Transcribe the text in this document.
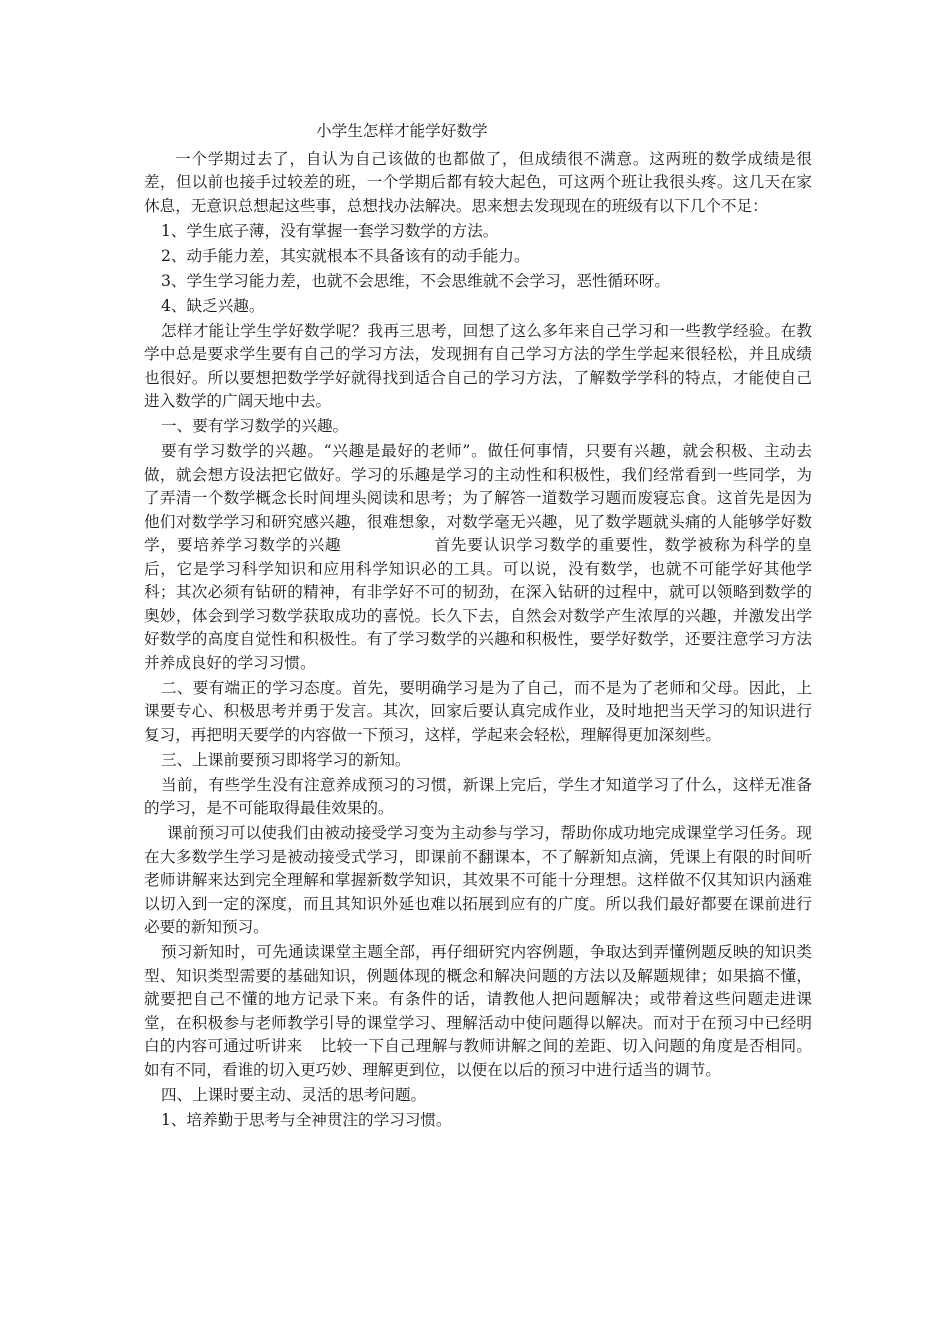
小学生怎样才能学好数学

一个学期过去了，自认为自己该做的也都做了，但成绩很不满意。这两班的数学成绩是很差，但以前也接手过较差的班，一个学期后都有较大起色，可这两个班让我很头疼。这几天在家休息，无意识总想起这些事，总想找办法解决。思来想去发现现在的班级有以下几个不足：

1、学生底子薄，没有掌握一套学习数学的方法。

2、动手能力差，其实就根本不具备该有的动手能力。

3、学生学习能力差，也就不会思维，不会思维就不会学习，恶性循环呀。

4、缺乏兴趣。

怎样才能让学生学好数学呢？我再三思考，回想了这么多年来自己学习和一些教学经验。在教学中总是要求学生要有自己的学习方法，发现拥有自己学习方法的学生学起来很轻松，并且成绩也很好。所以要想把数学学好就得找到适合自己的学习方法，了解数学学科的特点，才能使自己进入数学的广阔天地中去。

一、要有学习数学的兴趣。

要有学习数学的兴趣。“兴趣是最好的老师”。做任何事情，只要有兴趣，就会积极、主动去做，就会想方设法把它做好。学习的乐趣是学习的主动性和积极性，我们经常看到一些同学，为了弄清一个数学概念长时间埋头阅读和思考；为了解答一道数学习题而废寝忘食。这首先是因为他们对数学学习和研究感兴趣，很难想象，对数学毫无兴趣，见了数学题就头痛的人能够学好数学，要培养学习数学的兴趣	首先要认识学习数学的重要性，数学被称为科学的皇后，它是学习科学知识和应用科学知识必的工具。可以说，没有数学，也就不可能学好其他学科；其次必须有钻研的精神，有非学好不可的韧劲，在深入钻研的过程中，就可以领略到数学的奥妙，体会到学习数学获取成功的喜悦。长久下去，自然会对数学产生浓厚的兴趣，并激发出学好数学的高度自觉性和积极性。有了学习数学的兴趣和积极性，要学好数学，还要注意学习方法并养成良好的学习习惯。

二、要有端正的学习态度。首先，要明确学习是为了自己，而不是为了老师和父母。因此，上课要专心、积极思考并勇于发言。其次，回家后要认真完成作业，及时地把当天学习的知识进行复习，再把明天要学的内容做一下预习，这样，学起来会轻松，理解得更加深刻些。

三、上课前要预习即将学习的新知。

当前，有些学生没有注意养成预习的习惯，新课上完后，学生才知道学习了什么，这样无准备的学习，是不可能取得最佳效果的。

课前预习可以使我们由被动接受学习变为主动参与学习，帮助你成功地完成课堂学习任务。现在大多数学生学习是被动接受式学习，即课前不翻课本，不了解新知点滴，凭课上有限的时间听老师讲解来达到完全理解和掌握新数学知识，其效果不可能十分理想。这样做不仅其知识内涵难以切入到一定的深度，而且其知识外延也难以拓展到应有的广度。所以我们最好都要在课前进行必要的新知预习。

预习新知时，可先通读课堂主题全部，再仔细研究内容例题，争取达到弄懂例题反映的知识类型、知识类型需要的基础知识，例题体现的概念和解决问题的方法以及解题规律；如果搞不懂，就要把自己不懂的地方记录下来。有条件的话，请教他人把问题解决；或带着这些问题走进课堂，在积极参与老师教学引导的课堂学习、理解活动中使问题得以解决。而对于在预习中已经明白的内容可通过听讲来 比较一下自己理解与教师讲解之间的差距、切入问题的角度是否相同。如有不同，看谁的切入更巧妙、理解更到位，以便在以后的预习中进行适当的调节。

四、上课时要主动、灵活的思考问题。

1、培养勤于思考与全神贯注的学习习惯。
